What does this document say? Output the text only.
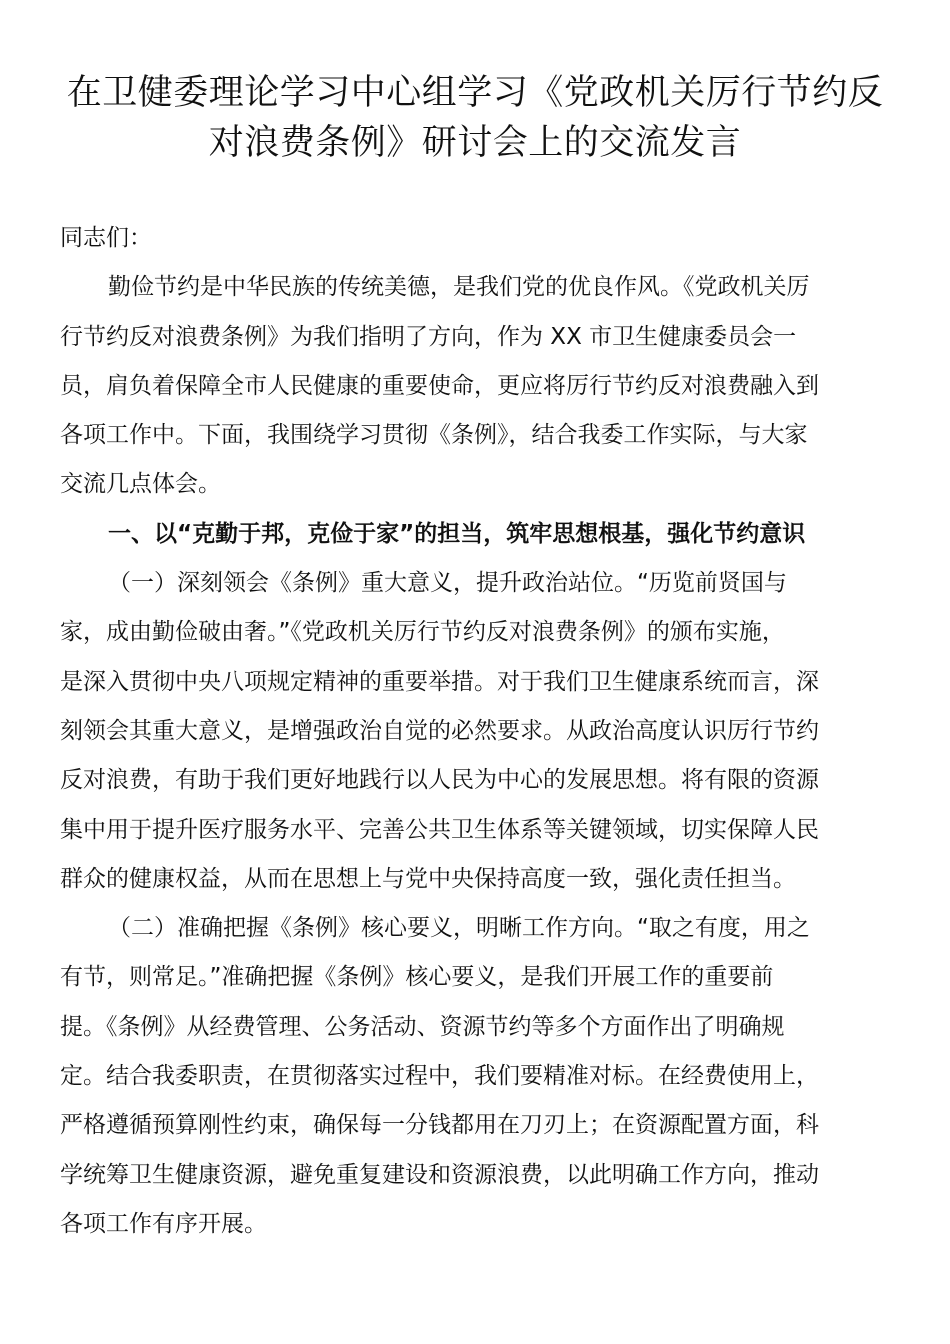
在卫健委理论学习中心组学习《党政机关厉行节约反
对浪费条例》研讨会上的交流发言
同志们：
勤俭节约是中华民族的传统美德，是我们党的优良作风。《党政机关厉
行节约反对浪费条例》为我们指明了方向，作为 XX 市卫生健康委员会一
员，肩负着保障全市人民健康的重要使命，更应将厉行节约反对浪费融入到
各项工作中。下面，我围绕学习贯彻《条例》，结合我委工作实际，与大家
交流几点体会。
一、以“克勤于邦，克俭于家”的担当，筑牢思想根基，强化节约意识
（一）深刻领会《条例》重大意义，提升政治站位。“历览前贤国与
家，成由勤俭破由奢。”《党政机关厉行节约反对浪费条例》的颁布实施，
是深入贯彻中央八项规定精神的重要举措。对于我们卫生健康系统而言，深
刻领会其重大意义，是增强政治自觉的必然要求。从政治高度认识厉行节约
反对浪费，有助于我们更好地践行以人民为中心的发展思想。将有限的资源
集中用于提升医疗服务水平、完善公共卫生体系等关键领域，切实保障人民
群众的健康权益，从而在思想上与党中央保持高度一致，强化责任担当。
（二）准确把握《条例》核心要义，明晰工作方向。“取之有度，用之
有节，则常足。”准确把握《条例》核心要义，是我们开展工作的重要前
提。《条例》从经费管理、公务活动、资源节约等多个方面作出了明确规
定。结合我委职责，在贯彻落实过程中，我们要精准对标。在经费使用上，
严格遵循预算刚性约束，确保每一分钱都用在刀刃上；在资源配置方面，科
学统筹卫生健康资源，避免重复建设和资源浪费，以此明确工作方向，推动
各项工作有序开展。
